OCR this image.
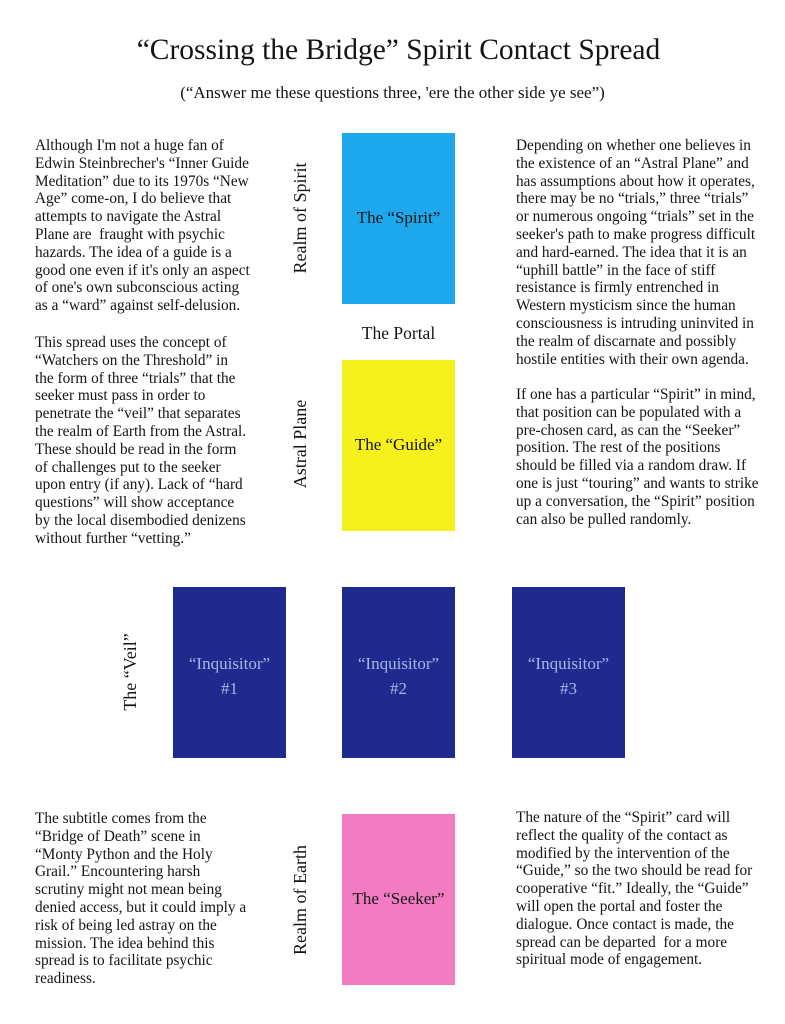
“Crossing the Bridge” Spirit Contact Spread
(“Answer me these questions three, 'ere the other side ye see”)
Although I'm not a huge fan of
Edwin Steinbrecher's “Inner Guide
Meditation” due to its 1970s “New
Age” come-on, I do believe that
attempts to navigate the Astral
Plane are  fraught with psychic
hazards. The idea of a guide is a
good one even if it's only an aspect
of one's own subconscious acting
as a “ward” against self-delusion.
This spread uses the concept of
“Watchers on the Threshold” in
the form of three “trials” that the
seeker must pass in order to
penetrate the “veil” that separates
the realm of Earth from the Astral.
These should be read in the form
of challenges put to the seeker
upon entry (if any). Lack of “hard
questions” will show acceptance
by the local disembodied denizens
without further “vetting.”
Depending on whether one believes in
the existence of an “Astral Plane” and
has assumptions about how it operates,
there may be no “trials,” three “trials”
or numerous ongoing “trials” set in the
seeker's path to make progress difficult
and hard-earned. The idea that it is an
“uphill battle” in the face of stiff
resistance is firmly entrenched in
Western mysticism since the human
consciousness is intruding uninvited in
the realm of discarnate and possibly
hostile entities with their own agenda.
If one has a particular “Spirit” in mind,
that position can be populated with a
pre-chosen card, as can the “Seeker”
position. The rest of the positions
should be filled via a random draw. If
one is just “touring” and wants to strike
up a conversation, the “Spirit” position
can also be pulled randomly.
The subtitle comes from the
“Bridge of Death” scene in
“Monty Python and the Holy
Grail.” Encountering harsh
scrutiny might not mean being
denied access, but it could imply a
risk of being led astray on the
mission. The idea behind this
spread is to facilitate psychic
readiness.
The nature of the “Spirit” card will
reflect the quality of the contact as
modified by the intervention of the
“Guide,” so the two should be read for
cooperative “fit.” Ideally, the “Guide”
will open the portal and foster the
dialogue. Once contact is made, the
spread can be departed  for a more
spiritual mode of engagement.
Realm of Spirit
Astral Plane
The “Veil”
Realm of Earth
The “Spirit”
The Portal
The “Guide”
“Inquisitor”
#1
“Inquisitor”
#2
“Inquisitor”
#3
The “Seeker”
